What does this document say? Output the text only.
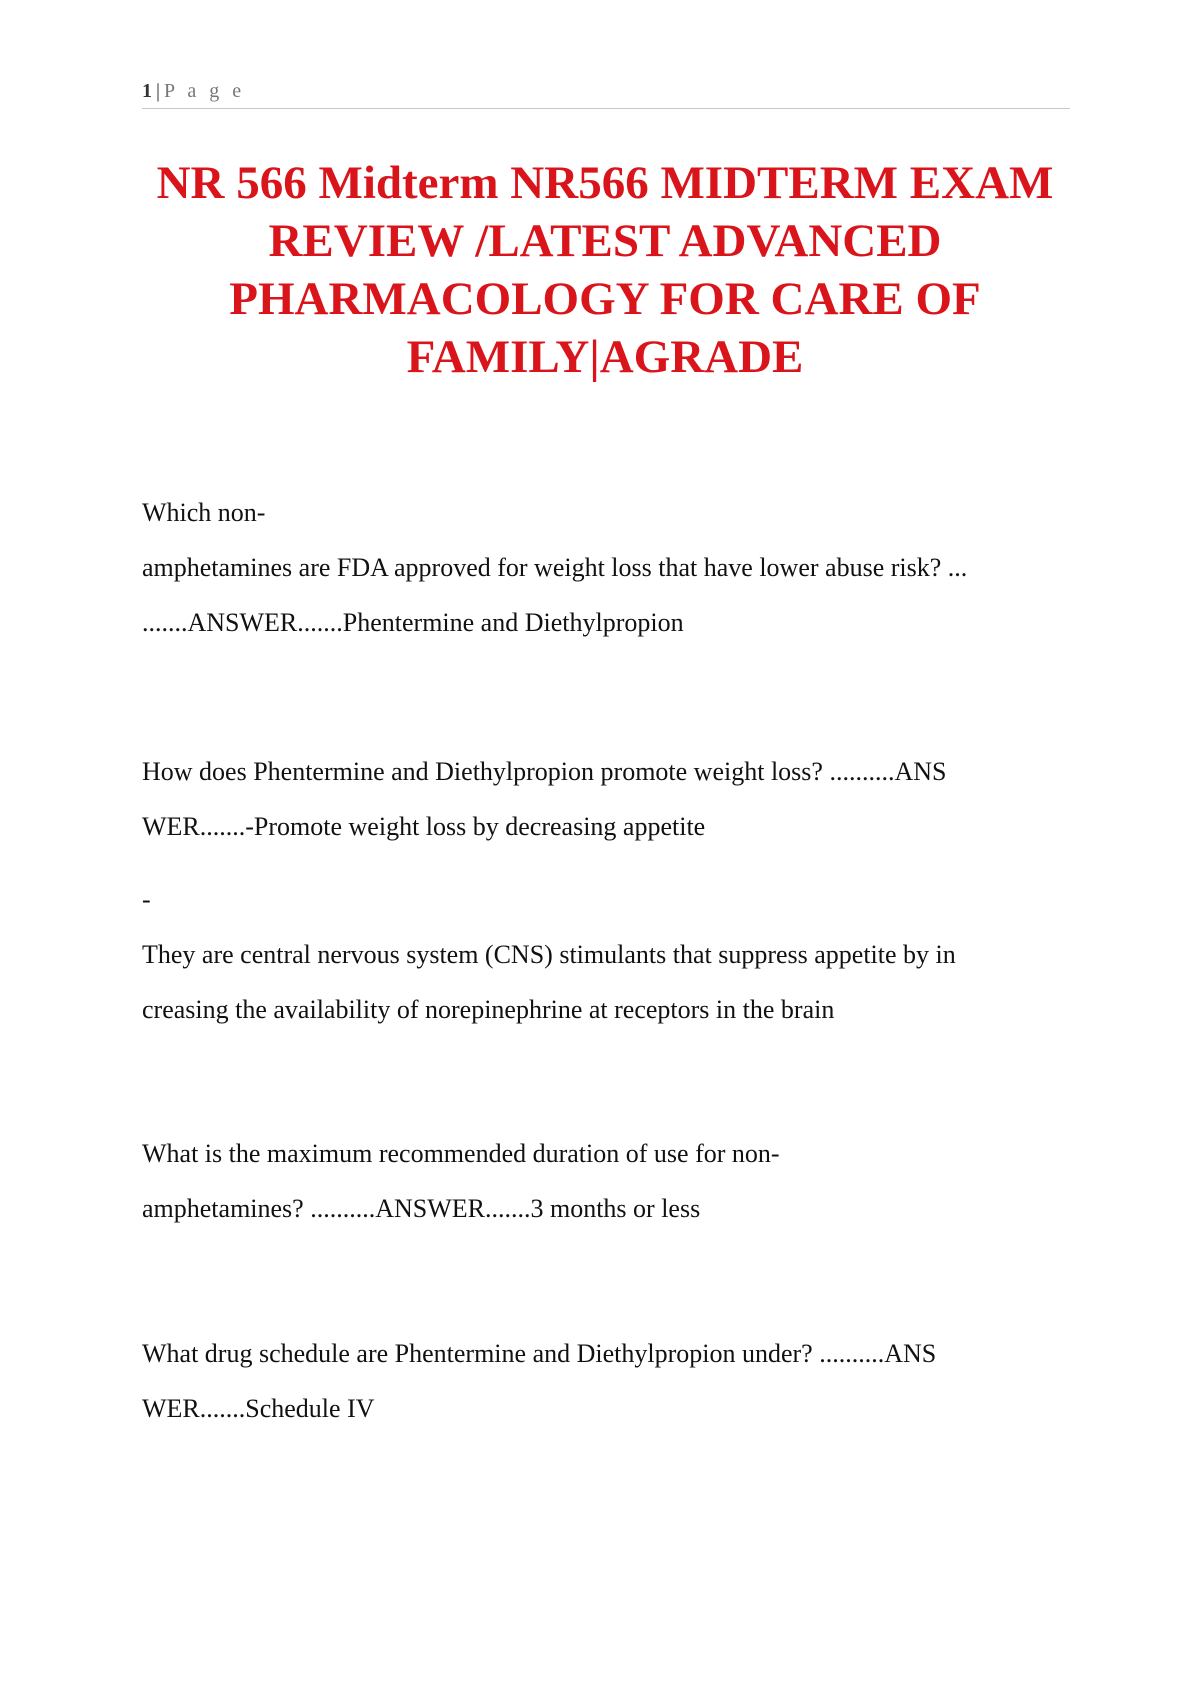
1 | P a g e
NR 566 Midterm NR566 MIDTERM EXAM
REVIEW /LATEST ADVANCED
PHARMACOLOGY FOR CARE OF
FAMILY|AGRADE

Which non-
amphetamines are FDA approved for weight loss that have lower abuse risk? ...
.......ANSWER.......Phentermine and Diethylpropion

How does Phentermine and Diethylpropion promote weight loss? ..........ANS
WER.......-Promote weight loss by decreasing appetite

-
They are central nervous system (CNS) stimulants that suppress appetite by in
creasing the availability of norepinephrine at receptors in the brain

What is the maximum recommended duration of use for non-
amphetamines? ..........ANSWER.......3 months or less

What drug schedule are Phentermine and Diethylpropion under? ..........ANS
WER.......Schedule IV
